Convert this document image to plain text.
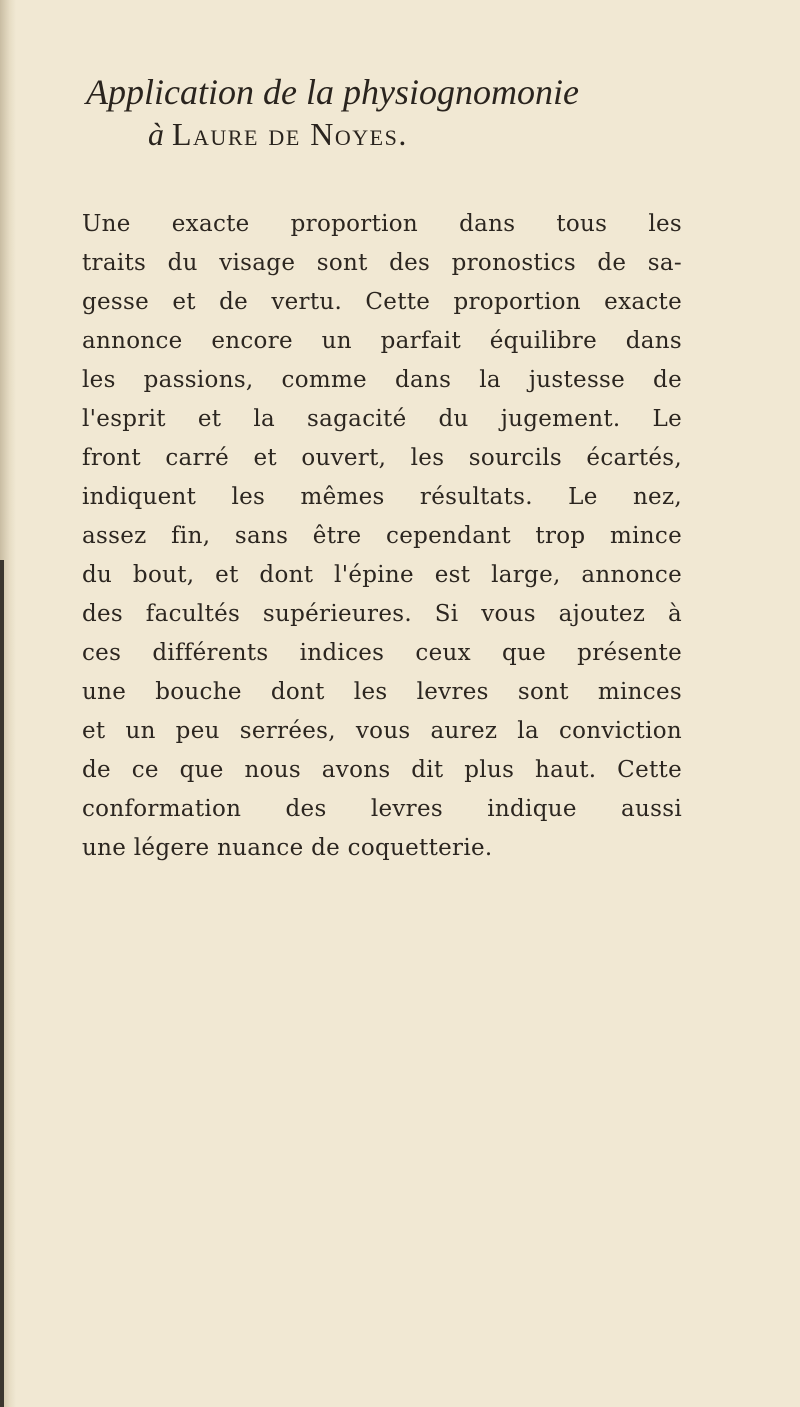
Application de la physiognomonie
à Laure de Noyes.
Une exacte proportion dans tous les
traits du visage sont des pronostics de sa-
gesse et de vertu. Cette proportion exacte
annonce encore un parfait équilibre dans
les passions, comme dans la justesse de
l'esprit et la sagacité du jugement. Le
front carré et ouvert, les sourcils écartés,
indiquent les mêmes résultats. Le nez,
assez fin, sans être cependant trop mince
du bout, et dont l'épine est large, annonce
des facultés supérieures. Si vous ajoutez à
ces différents indices ceux que présente
une bouche dont les levres sont minces
et un peu serrées, vous aurez la conviction
de ce que nous avons dit plus haut. Cette
conformation des levres indique aussi
une légere nuance de coquetterie.
